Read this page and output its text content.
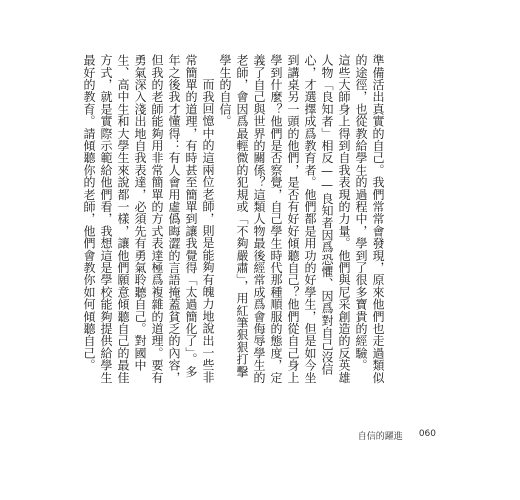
準備活出真實的自己。我們常常會發現，原來他們也走過類似的途徑，也從教給學生的過程中，學到了很多寶貴的經驗。

這些大師身上得到自我表現的力量。他們與尼采創造的反英雄人物「良知者」相反——良知者因爲恐懼、因爲對自己沒信心，才選擇成爲教育者。他們都是用功的好學生，但是如今坐到講桌另一頭的他們，是否有好好傾聽自己？他們從自己身上學到什麼？他們是否察覺，自己學生時代那種順服的態度，定義了自己與世界的關係？這類人物最後經常成爲會侮辱學生的老師，會因爲最輕微的犯規或「不夠嚴肅」，用紅筆狠狠打擊學生的自信。

而我回憶中的這兩位老師，則是能夠有魄力地說出一些非常簡單的道理，有時甚至簡單到讓我覺得「太過簡化了」。多年之後我才懂得：有人會用虛僞晦澀的言語掩蓋貧乏的內容，但我的老師能夠用非常簡單的方式表達極爲複雜的道理。要有勇氣深入淺出地自我表達，必須先有勇氣聆聽自己。對國中生、高中生和大學生來說都一樣，讓他們願意傾聽自己的最佳方式，就是實際示範給他們看，我想這是學校能夠提供給學生最好的教育。請傾聽你的老師，他們會教你如何傾聽自己。

自信的躍進 060
